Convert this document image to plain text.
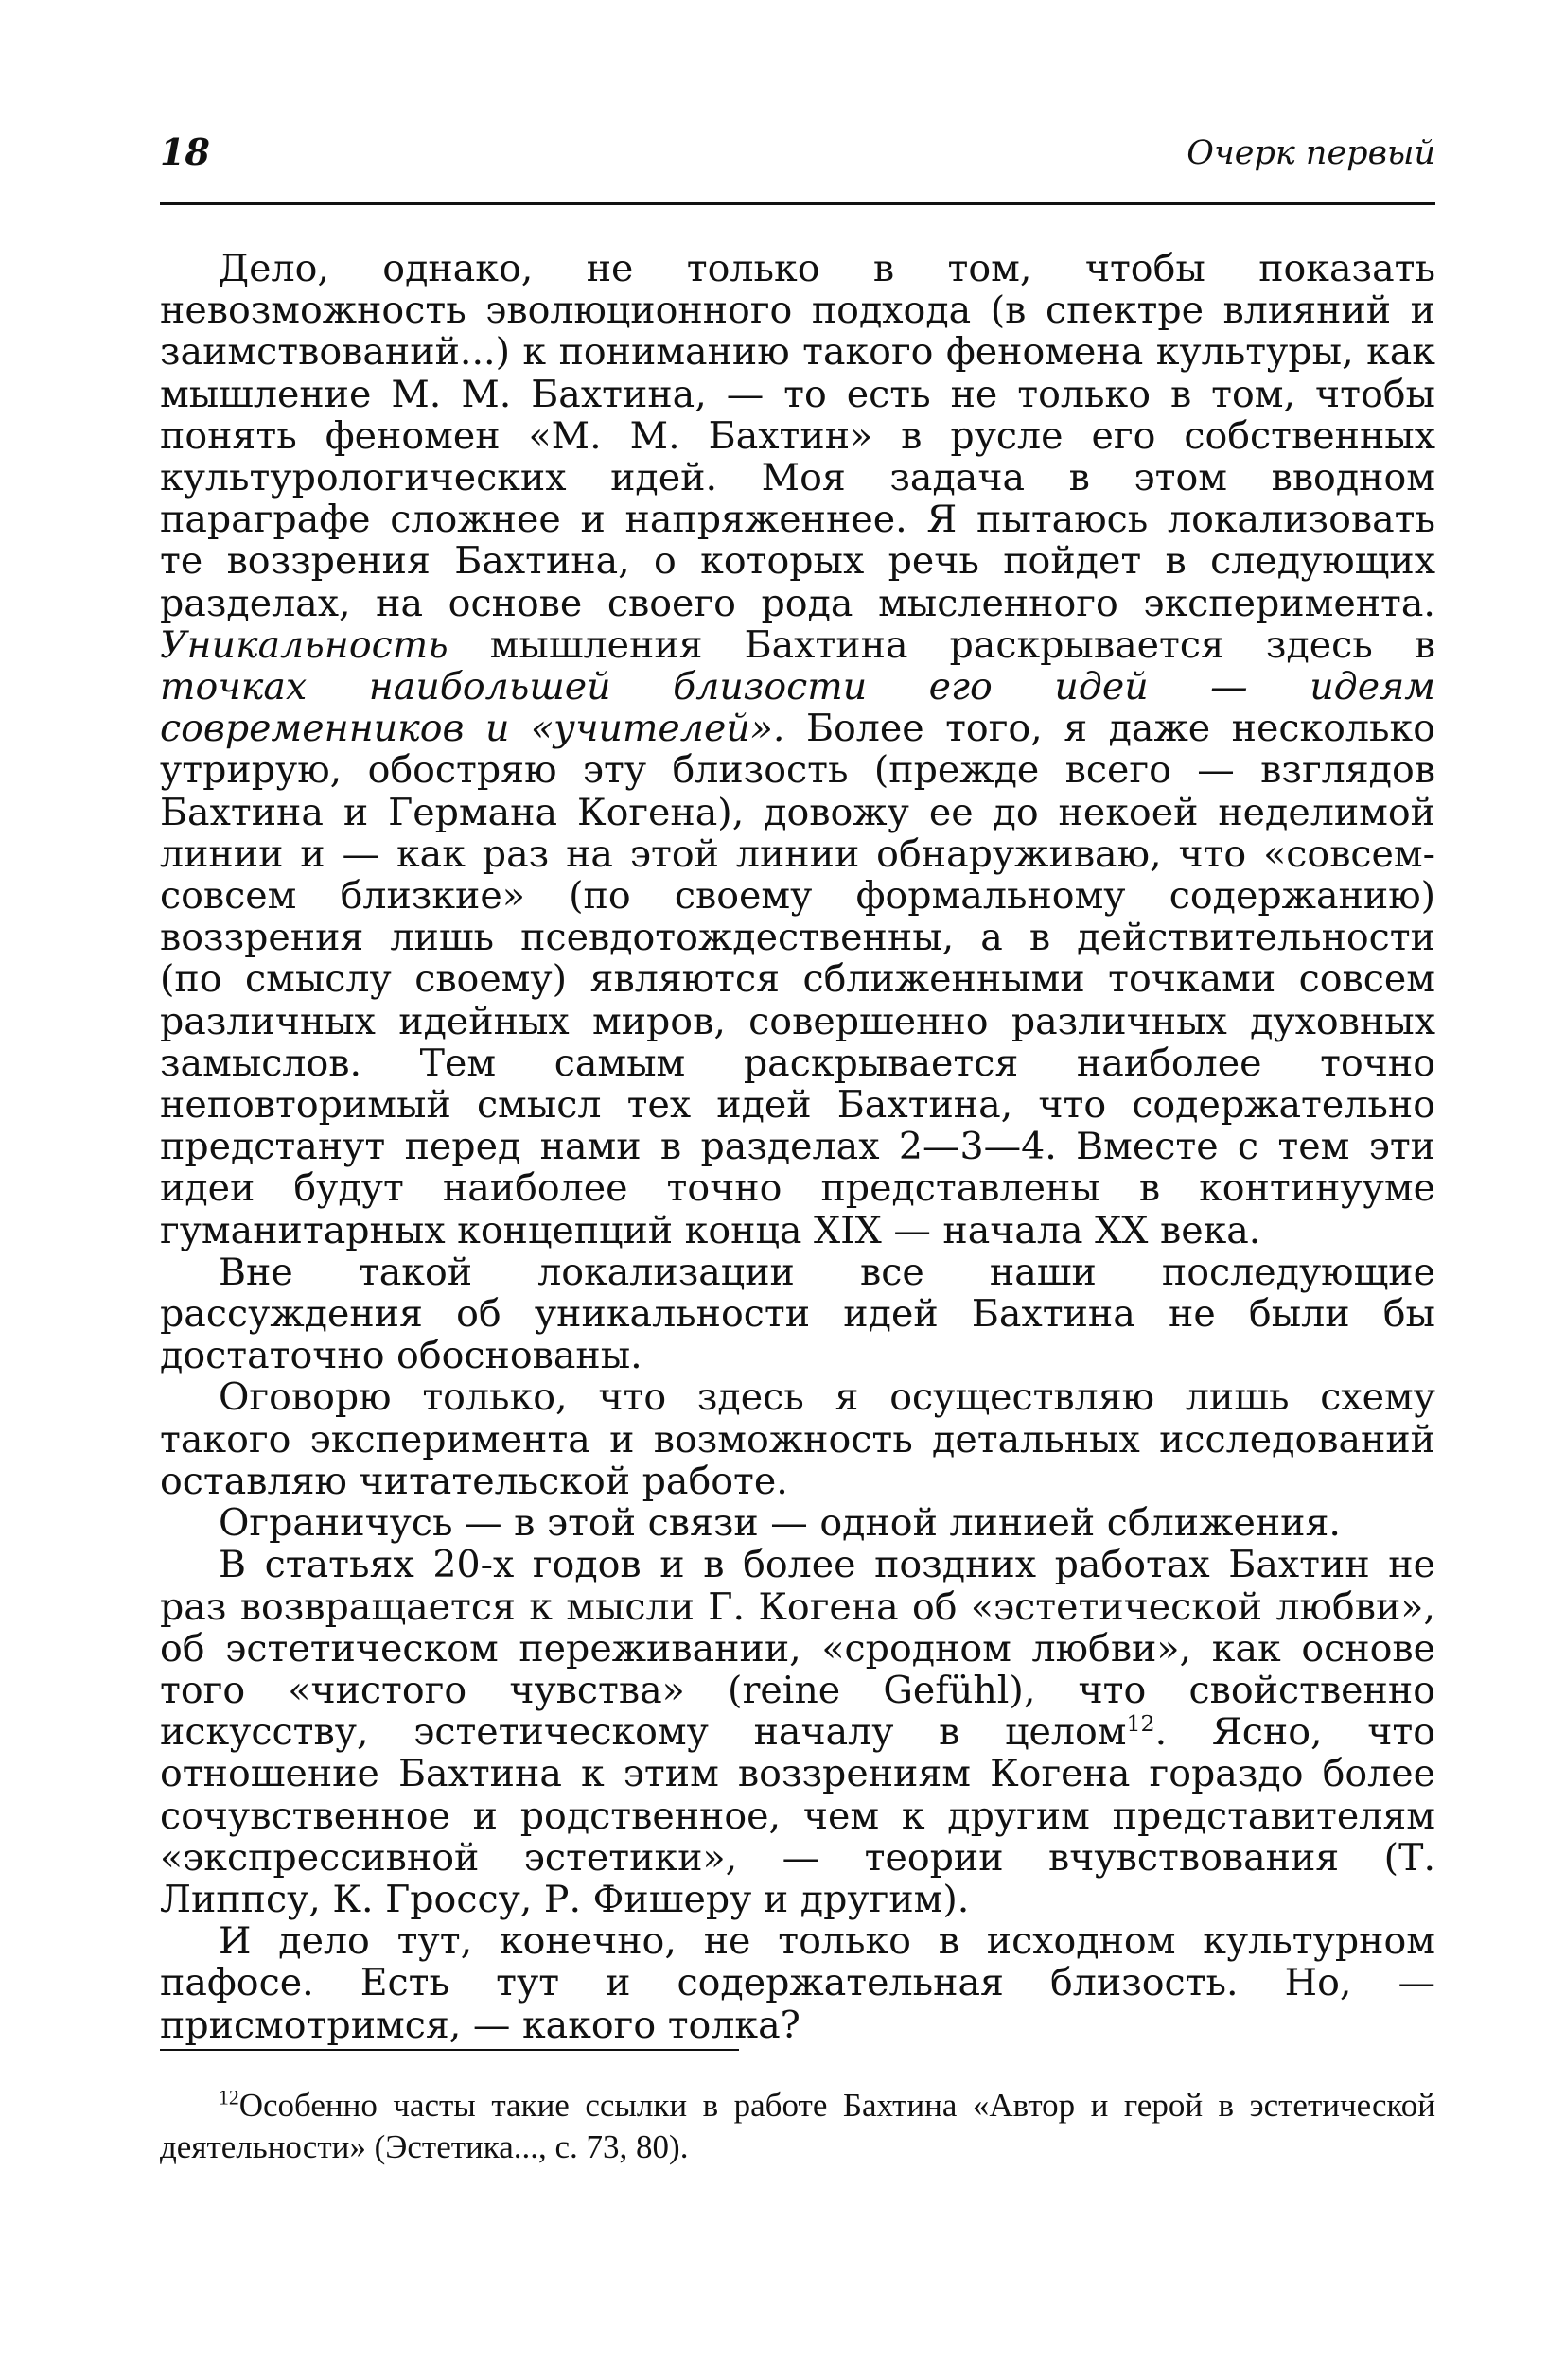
18	Очерк первый

Дело, однако, не только в том, чтобы показать невозможность эволюционного подхода (в спектре влияний и заимствований...) к пониманию такого феномена культуры, как мышление М. М. Бахтина, — то есть не только в том, чтобы понять феномен «М. М. Бахтин» в русле его собственных культурологических идей. Моя задача в этом вводном параграфе сложнее и напряженнее. Я пытаюсь локализовать те воззрения Бахтина, о которых речь пойдет в следующих разделах, на основе своего рода мысленного эксперимента. Уникальность мышления Бахтина раскрывается здесь в точках наибольшей близости его идей — идеям современников и «учителей». Более того, я даже несколько утрирую, обостряю эту близость (прежде всего — взглядов Бахтина и Германа Когена), довожу ее до некоей неделимой линии и — как раз на этой линии обнаруживаю, что «совсем-совсем близкие» (по своему формальному содержанию) воззрения лишь псевдотождественны, а в действительности (по смыслу своему) являются сближенными точками совсем различных идейных миров, совершенно различных духовных замыслов. Тем самым раскрывается наиболее точно неповторимый смысл тех идей Бахтина, что содержательно предстанут перед нами в разделах 2—3—4. Вместе с тем эти идеи будут наиболее точно представлены в континууме гуманитарных концепций конца XIX — начала XX века.

Вне такой локализации все наши последующие рассуждения об уникальности идей Бахтина не были бы достаточно обоснованы.

Оговорю только, что здесь я осуществляю лишь схему такого эксперимента и возможность детальных исследований оставляю читательской работе.

Ограничусь — в этой связи — одной линией сближения.

В статьях 20-х годов и в более поздних работах Бахтин не раз возвращается к мысли Г. Когена об «эстетической любви», об эстетическом переживании, «сродном любви», как основе того «чистого чувства» (reine Gefühl), что свойственно искусству, эстетическому началу в целом$^{12}$. Ясно, что отношение Бахтина к этим воззрениям Когена гораздо более сочувственное и родственное, чем к другим представителям «экспрессивной эстетики», — теории вчувствования (Т. Липпсу, К. Гроссу, Р. Фишеру и другим).

И дело тут, конечно, не только в исходном культурном пафосе. Есть тут и содержательная близость. Но, — присмотримся, — какого толка?

$^{12}$Особенно часты такие ссылки в работе Бахтина «Автор и герой в эстетической деятельности» (Эстетика..., с. 73, 80).
